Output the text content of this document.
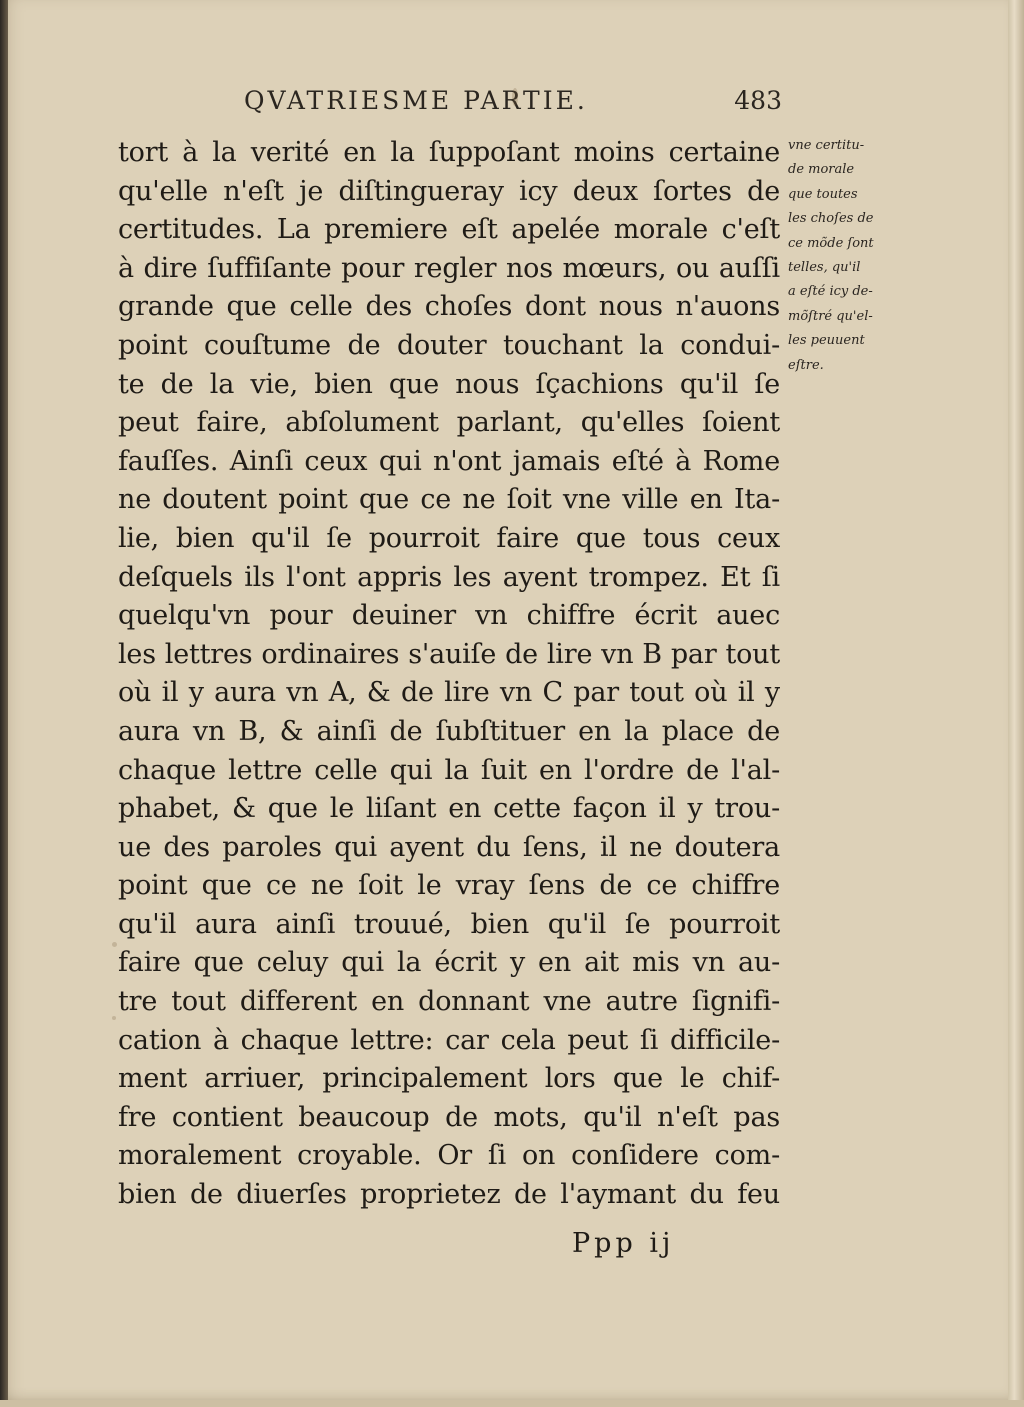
QVATRIESME PARTIE.	483
tort à la verité en la ſuppoſant moins certaine
qu'elle n'eſt je diſtingueray icy deux ſortes de
certitudes. La premiere eſt apelée morale c'eſt
à dire ſuffiſante pour regler nos mœurs, ou auſſi
grande que celle des choſes dont nous n'auons
point couſtume de douter touchant la condui-
te de la vie, bien que nous ſçachions qu'il ſe
peut faire, abſolument parlant, qu'elles ſoient
fauſſes. Ainſi ceux qui n'ont jamais eſté à Rome
ne doutent point que ce ne ſoit vne ville en Ita-
lie, bien qu'il ſe pourroit faire que tous ceux
deſquels ils l'ont appris les ayent trompez. Et ſi
quelqu'vn pour deuiner vn chiffre écrit auec
les lettres ordinaires s'auiſe de lire vn B par tout
où il y aura vn A, & de lire vn C par tout où il y
aura vn B, & ainſi de ſubſtituer en la place de
chaque lettre celle qui la ſuit en l'ordre de l'al-
phabet, & que le liſant en cette façon il y trou-
ue des paroles qui ayent du ſens, il ne doutera
point que ce ne ſoit le vray ſens de ce chiffre
qu'il aura ainſi trouué, bien qu'il ſe pourroit
faire que celuy qui la écrit y en ait mis vn au-
tre tout different en donnant vne autre ſignifi-
cation à chaque lettre: car cela peut ſi difficile-
ment arriuer, principalement lors que le chif-
fre contient beaucoup de mots, qu'il n'eſt pas
moralement croyable. Or ſi on conſidere com-
bien de diuerſes proprietez de l'aymant du feu
vne certitu-
de morale
que toutes
les choſes de
ce mõde ſont
telles, qu'il
a eſté icy de-
mõſtré qu'el-
les peuuent
eſtre.
Ppp ij
